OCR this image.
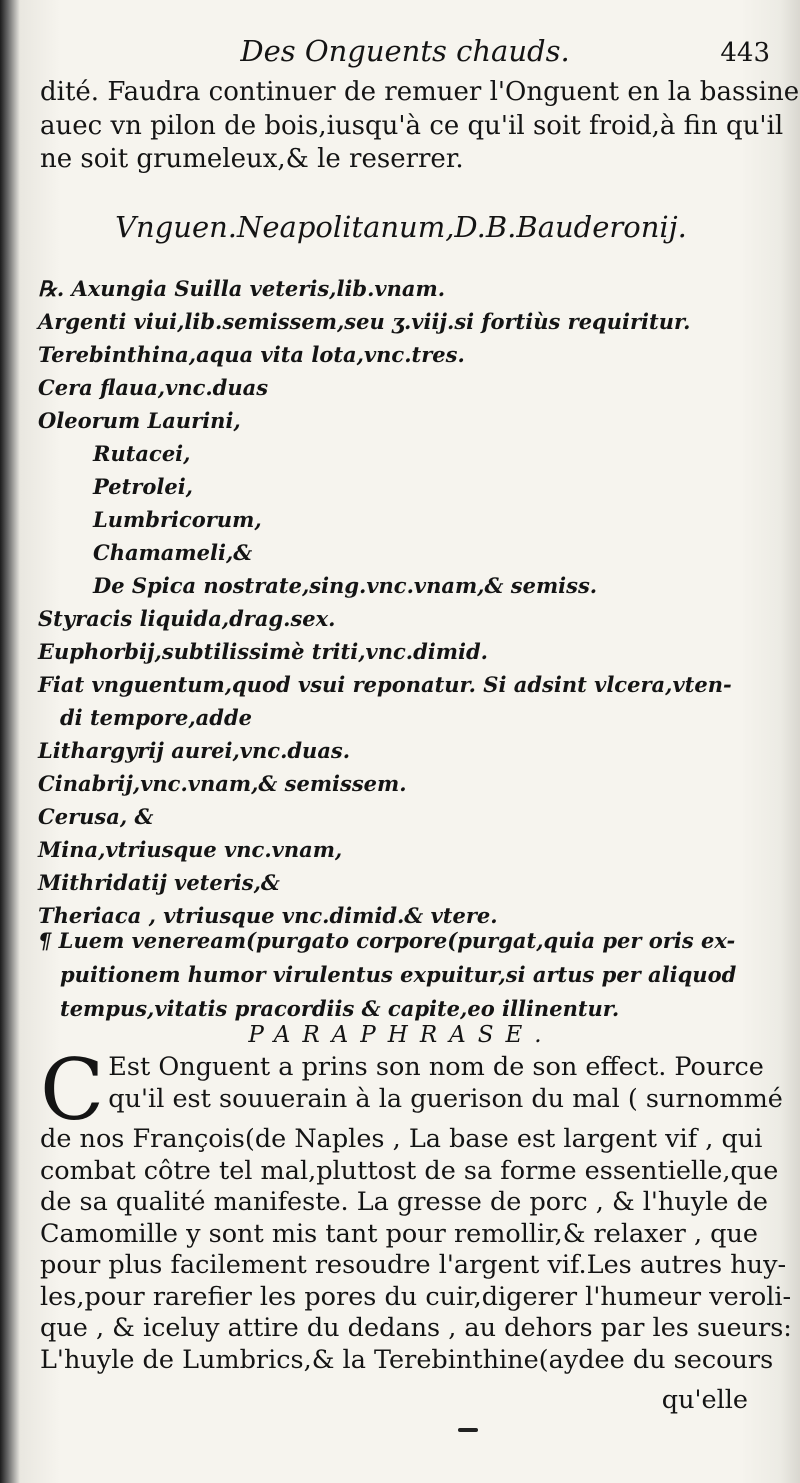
Des Onguents chauds.	443
dité. Faudra continuer de remuer l'Onguent en la bassine
auec vn pilon de bois,iusqu'à ce qu'il soit froid,à fin qu'il
ne soit grumeleux,& le reserrer.
Vnguen.Neapolitanum,D.B.Bauderonij.
℞. Axungia Suilla veteris,lib.vnam.
Argenti viui,lib.semissem,seu ʒ.viij.si fortiùs requiritur.
Terebinthina,aqua vita lota,vnc.tres.
Cera flaua,vnc.duas
Oleorum Laurini,
Rutacei,
Petrolei,
Lumbricorum,
Chamameli,&
De Spica nostrate,sing.vnc.vnam,& semiss.
Styracis liquida,drag.sex.
Euphorbij,subtilissimè triti,vnc.dimid.
Fiat vnguentum,quod vsui reponatur. Si adsint vlcera,vten-
di tempore,adde
Lithargyrij aurei,vnc.duas.
Cinabrij,vnc.vnam,& semissem.
Cerusa, &
Mina,vtriusque vnc.vnam,
Mithridatij veteris,&
Theriaca , vtriusque vnc.dimid.& vtere.
¶ Luem veneream(purgato corpore(purgat,quia per oris ex-
puitionem humor virulentus expuitur,si artus per aliquod
tempus,vitatis pracordiis & capite,eo illinentur.
PARAPHRASE.
C Est Onguent a prins son nom de son effect. Pource
qu'il est souuerain à la guerison du mal ( surnommé
de nos François(de Naples , La base est largent vif , qui
combat côtre tel mal,pluttost de sa forme essentielle,que
de sa qualité manifeste. La gresse de porc , & l'huyle de
Camomille y sont mis tant pour remollir,& relaxer , que
pour plus facilement resoudre l'argent vif.Les autres huy-
les,pour rarefier les pores du cuir,digerer l'humeur veroli-
que , & iceluy attire du dedans , au dehors par les sueurs:
L'huyle de Lumbrics,& la Terebinthine(aydee du secours
qu'elle
